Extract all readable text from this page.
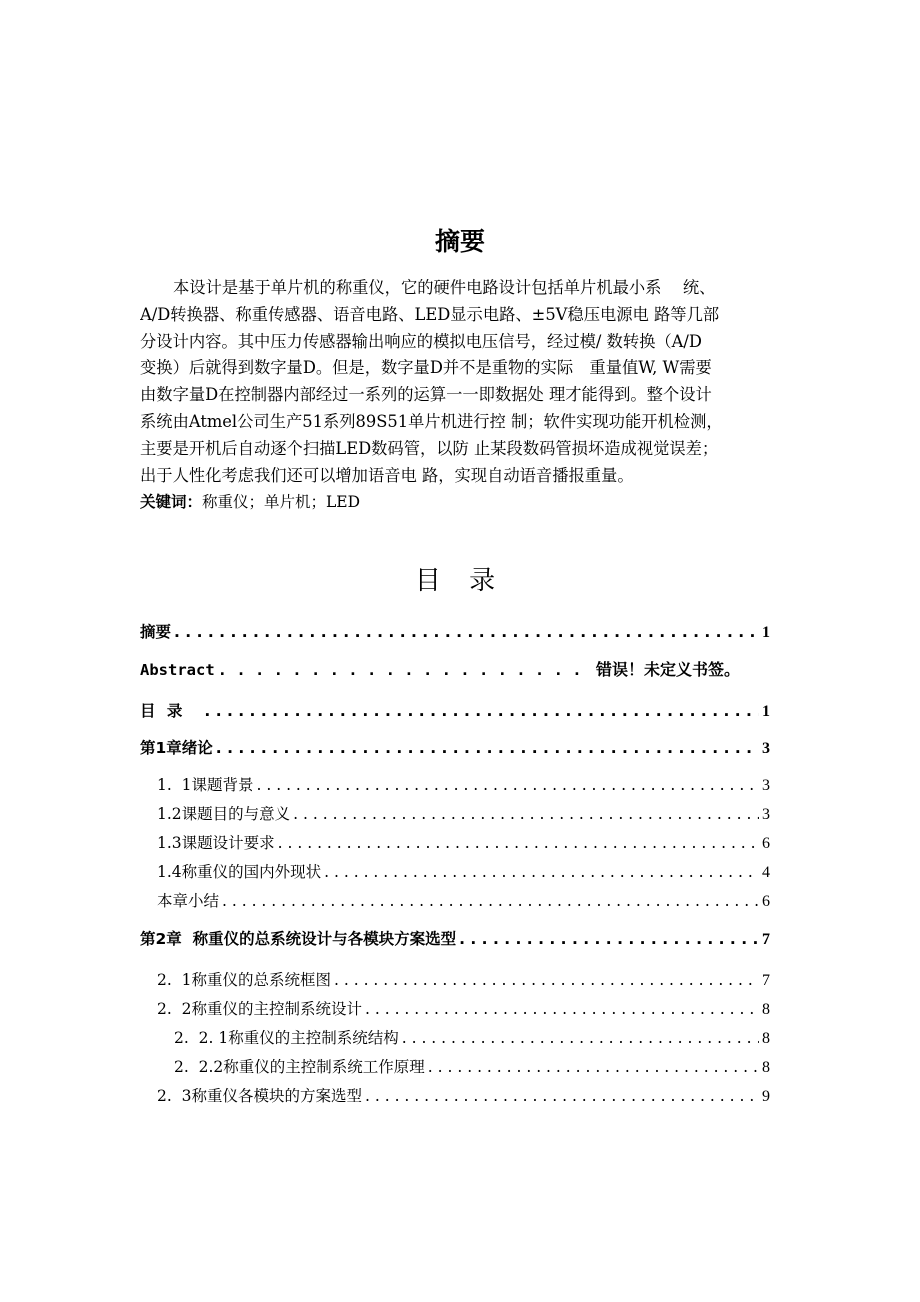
摘要
本设计是基于单片机的称重仪，它的硬件电路设计包括单片机最小系　 统、
A/D转换器、称重传感器、语音电路、LED显示电路、±5V稳压电源电 路等几部
分设计内容。其中压力传感器输出响应的模拟电压信号，经过模/ 数转换（A/D
变换）后就得到数字量D。但是，数字量D并不是重物的实际　重量值W, W需要
由数字量D在控制器内部经过一系列的运算一一即数据处 理才能得到。整个设计
系统由Atmel公司生产51系列89S51单片机进行控 制；软件实现功能开机检测，
主要是开机后自动逐个扫描LED数码管，以防 止某段数码管损坏造成视觉误差；
出于人性化考虑我们还可以增加语音电 路，实现自动语音播报重量。
关键词：称重仪；单片机；LED
目 录
摘要 . . .	1
Abstract . . .	错误！未定义书签。
目 录 . . .	1
第1章绪论 . . .	3
1.  1课题背景 . . .	3
1.2课题目的与意义 . . .	3
1.3课题设计要求 . . .	6
1.4称重仪的国内外现状 . . .	4
本章小结 . . .	6
第2章  称重仪的总系统设计与各模块方案选型 . . .	7
2.  1称重仪的总系统框图 . . .	7
2.  2称重仪的主控制系统设计 . . .	8
2.  2. 1称重仪的主控制系统结构 . . .	8
2.  2.2称重仪的主控制系统工作原理 . . .	8
2.  3称重仪各模块的方案选型 . . .	9
